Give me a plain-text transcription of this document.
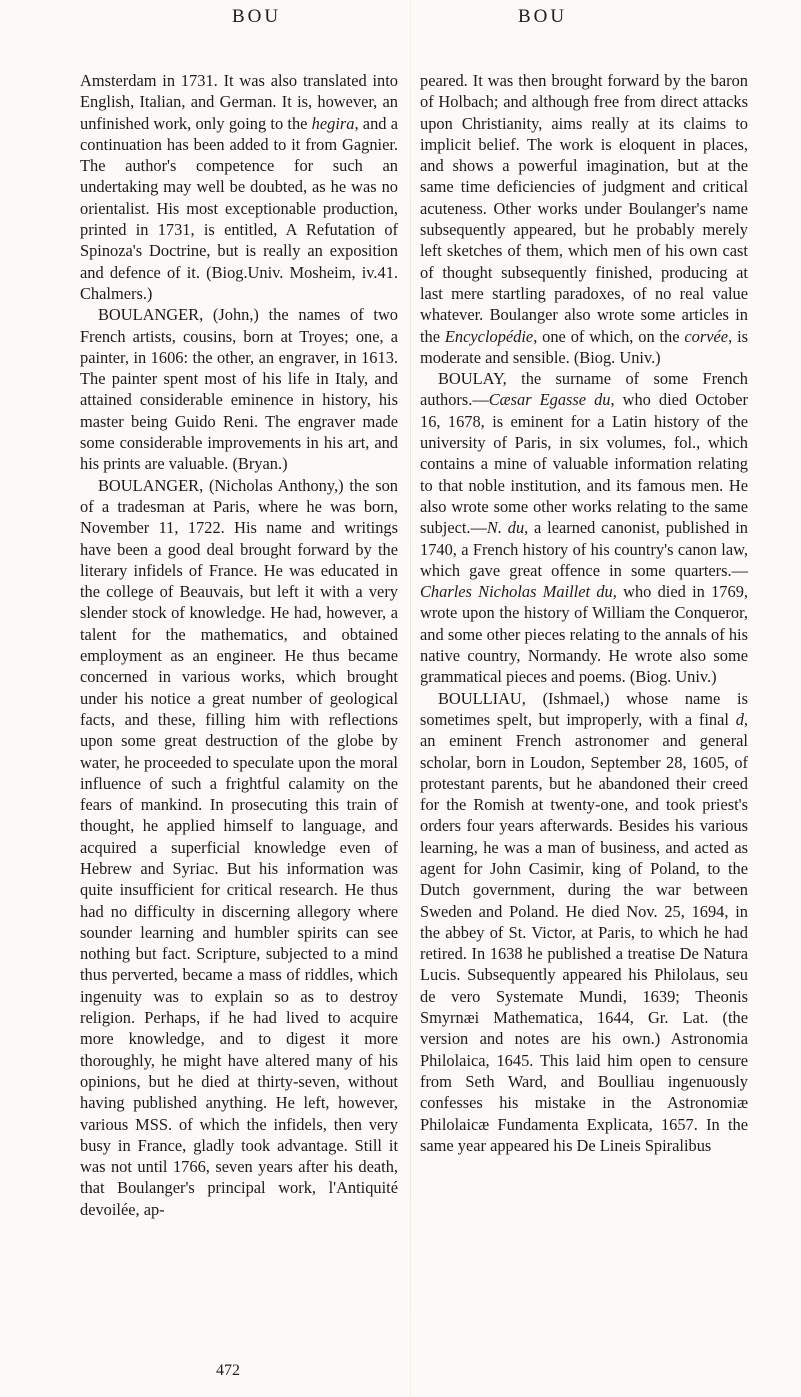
BOU	BOU

Amsterdam in 1731. It was also translated into English, Italian, and German. It is, however, an unfinished work, only going to the hegira, and a continuation has been added to it from Gagnier. The author's competence for such an undertaking may well be doubted, as he was no orientalist. His most exceptionable production, printed in 1731, is entitled, A Refutation of Spinoza's Doctrine, but is really an exposition and defence of it. (Biog.Univ. Mosheim, iv.41. Chalmers.)

BOULANGER, (John,) the names of two French artists, cousins, born at Troyes; one, a painter, in 1606: the other, an engraver, in 1613. The painter spent most of his life in Italy, and attained considerable eminence in history, his master being Guido Reni. The engraver made some considerable improvements in his art, and his prints are valuable. (Bryan.)

BOULANGER, (Nicholas Anthony,) the son of a tradesman at Paris, where he was born, November 11, 1722. His name and writings have been a good deal brought forward by the literary infidels of France. He was educated in the college of Beauvais, but left it with a very slender stock of knowledge. He had, however, a talent for the mathematics, and obtained employment as an engineer. He thus became concerned in various works, which brought under his notice a great number of geological facts, and these, filling him with reflections upon some great destruction of the globe by water, he proceeded to speculate upon the moral influence of such a frightful calamity on the fears of mankind. In prosecuting this train of thought, he applied himself to language, and acquired a superficial knowledge even of Hebrew and Syriac. But his information was quite insufficient for critical research. He thus had no difficulty in discerning allegory where sounder learning and humbler spirits can see nothing but fact. Scripture, subjected to a mind thus perverted, became a mass of riddles, which ingenuity was to explain so as to destroy religion. Perhaps, if he had lived to acquire more knowledge, and to digest it more thoroughly, he might have altered many of his opinions, but he died at thirty-seven, without having published anything. He left, however, various MSS. of which the infidels, then very busy in France, gladly took advantage. Still it was not until 1766, seven years after his death, that Boulanger's principal work, l'Antiquité devoilée, ap-

peared. It was then brought forward by the baron of Holbach; and although free from direct attacks upon Christianity, aims really at its claims to implicit belief. The work is eloquent in places, and shows a powerful imagination, but at the same time deficiencies of judgment and critical acuteness. Other works under Boulanger's name subsequently appeared, but he probably merely left sketches of them, which men of his own cast of thought subsequently finished, producing at last mere startling paradoxes, of no real value whatever. Boulanger also wrote some articles in the Encyclopédie, one of which, on the corvée, is moderate and sensible. (Biog. Univ.)

BOULAY, the surname of some French authors.—Cæsar Egasse du, who died October 16, 1678, is eminent for a Latin history of the university of Paris, in six volumes, fol., which contains a mine of valuable information relating to that noble institution, and its famous men. He also wrote some other works relating to the same subject.—N. du, a learned canonist, published in 1740, a French history of his country's canon law, which gave great offence in some quarters.—Charles Nicholas Maillet du, who died in 1769, wrote upon the history of William the Conqueror, and some other pieces relating to the annals of his native country, Normandy. He wrote also some grammatical pieces and poems. (Biog. Univ.)

BOULLIAU, (Ishmael,) whose name is sometimes spelt, but improperly, with a final d, an eminent French astronomer and general scholar, born in Loudon, September 28, 1605, of protestant parents, but he abandoned their creed for the Romish at twenty-one, and took priest's orders four years afterwards. Besides his various learning, he was a man of business, and acted as agent for John Casimir, king of Poland, to the Dutch government, during the war between Sweden and Poland. He died Nov. 25, 1694, in the abbey of St. Victor, at Paris, to which he had retired. In 1638 he published a treatise De Natura Lucis. Subsequently appeared his Philolaus, seu de vero Systemate Mundi, 1639; Theonis Smyrnæi Mathematica, 1644, Gr. Lat. (the version and notes are his own.) Astronomia Philolaica, 1645. This laid him open to censure from Seth Ward, and Boulliau ingenuously confesses his mistake in the Astronomiæ Philolaicæ Fundamenta Explicata, 1657. In the same year appeared his De Lineis Spiralibus

472
